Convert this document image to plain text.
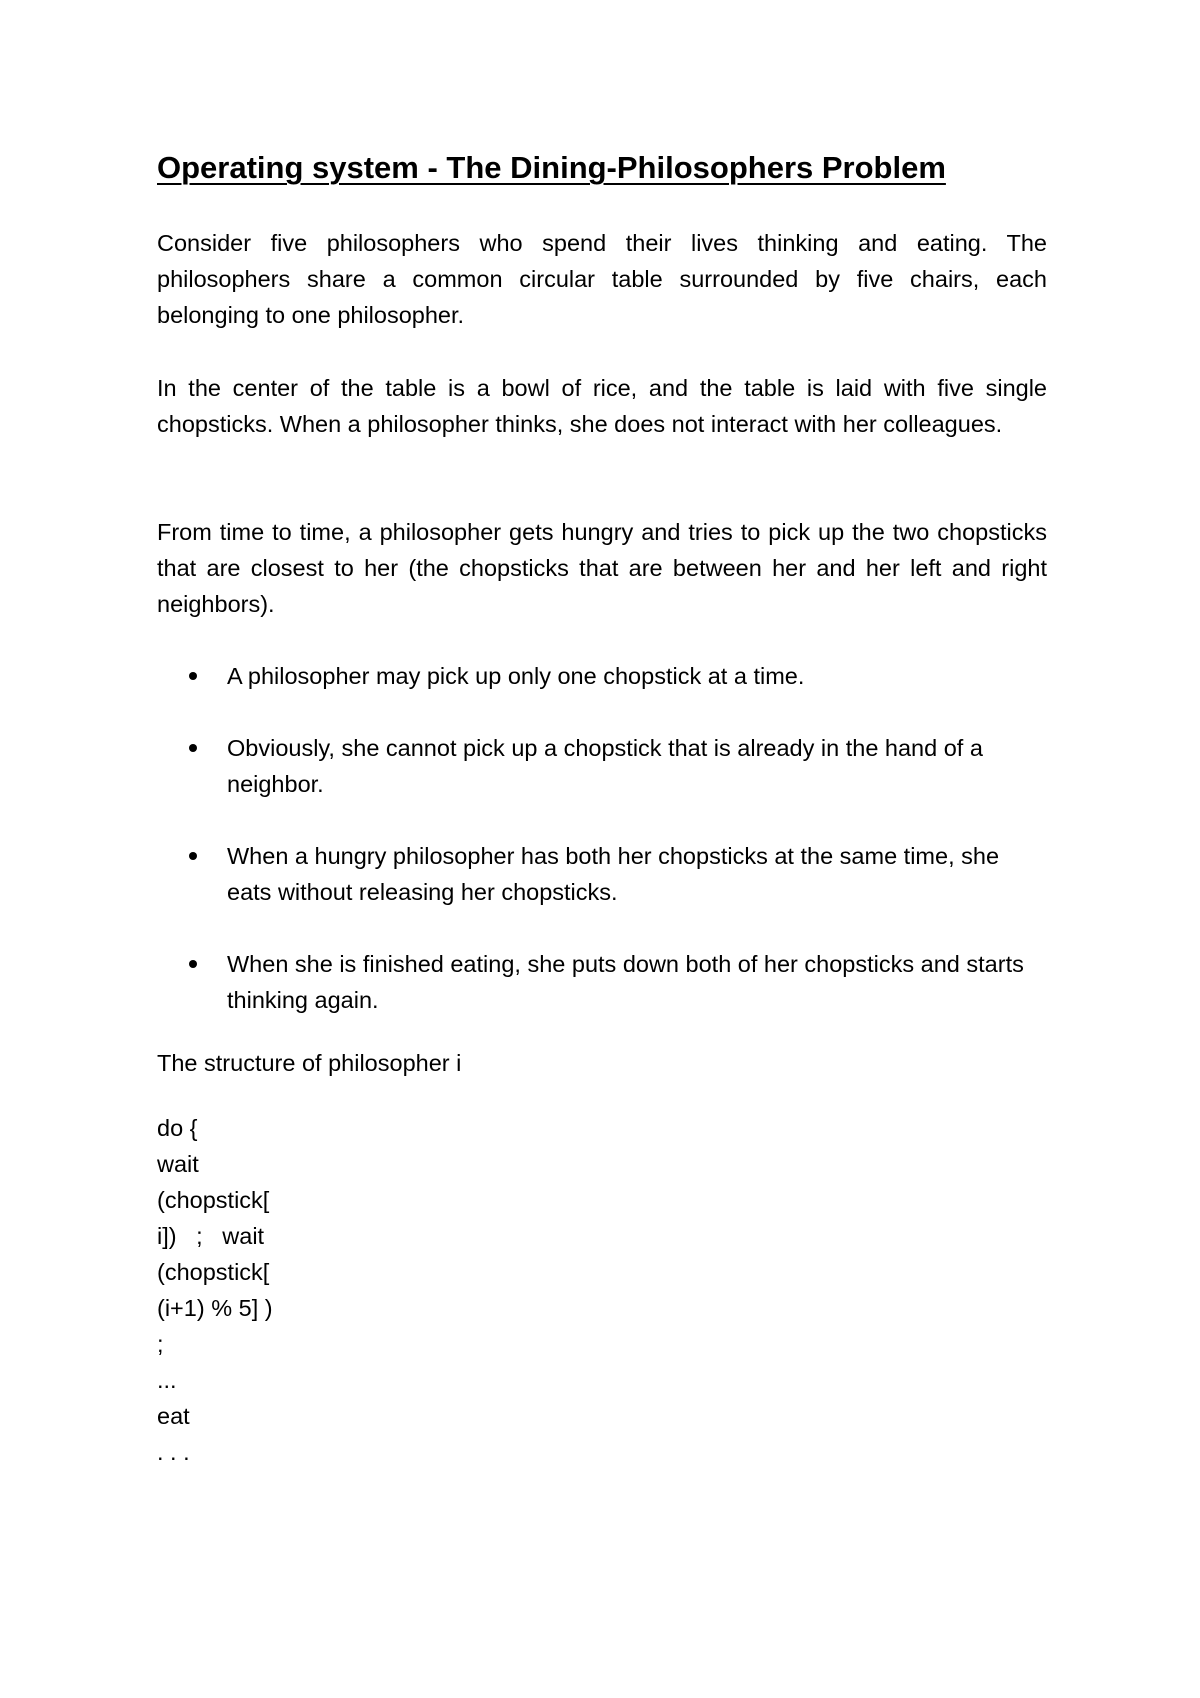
Operating system - The Dining-Philosophers Problem

Consider five philosophers who spend their lives thinking and eating. The philosophers share a common circular table surrounded by five chairs, each belonging to one philosopher.

In the center of the table is a bowl of rice, and the table is laid with five single chopsticks. When a philosopher thinks, she does not interact with her colleagues.

From time to time, a philosopher gets hungry and tries to pick up the two chopsticks that are closest to her (the chopsticks that are between her and her left and right neighbors).

A philosopher may pick up only one chopstick at a time.
Obviously, she cannot pick up a chopstick that is already in the hand of a neighbor.
When a hungry philosopher has both her chopsticks at the same time, she eats without releasing her chopsticks.
When she is finished eating, she puts down both of her chopsticks and starts thinking again.

The structure of philosopher i

do {
wait
(chopstick[
i])   ;   wait
(chopstick[
(i+1) % 5] )
;
...
eat
. . .
